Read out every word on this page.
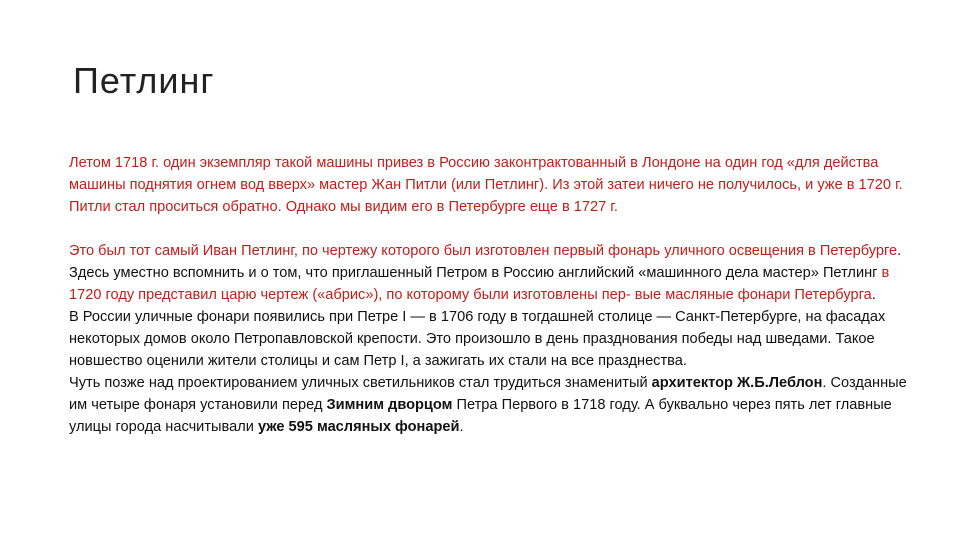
Петлинг

Летом 1718 г. один экземпляр такой машины привез в Россию законтрактованный в Лондоне на один год «для действа машины поднятия огнем вод вверх» мастер Жан Питли (или Петлинг). Из этой затеи ничего не получилось, и уже в 1720 г. Питли стал проситься обратно. Однако мы видим его в Петербурге еще в 1727 г.

Это был тот самый Иван Петлинг, по чертежу которого был изготовлен первый фонарь уличного освещения в Петербурге. Здесь уместно вспомнить и о том, что приглашенный Петром в Россию английский «машинного дела мастер» Петлинг в 1720 году представил царю чертеж («абрис»), по которому были изготовлены пер- вые масляные фонари Петербурга.

В России уличные фонари появились при Петре I — в 1706 году в тогдашней столице — Санкт-Петербурге, на фасадах некоторых домов около Петропавловской крепости. Это произошло в день празднования победы над шведами. Такое новшество оценили жители столицы и сам Петр I, а зажигать их стали на все празднества.

Чуть позже над проектированием уличных светильников стал трудиться знаменитый архитектор Ж.Б.Леблон. Созданные им четыре фонаря установили перед Зимним дворцом Петра Первого в 1718 году. А буквально через пять лет главные улицы города насчитывали уже 595 масляных фонарей.
